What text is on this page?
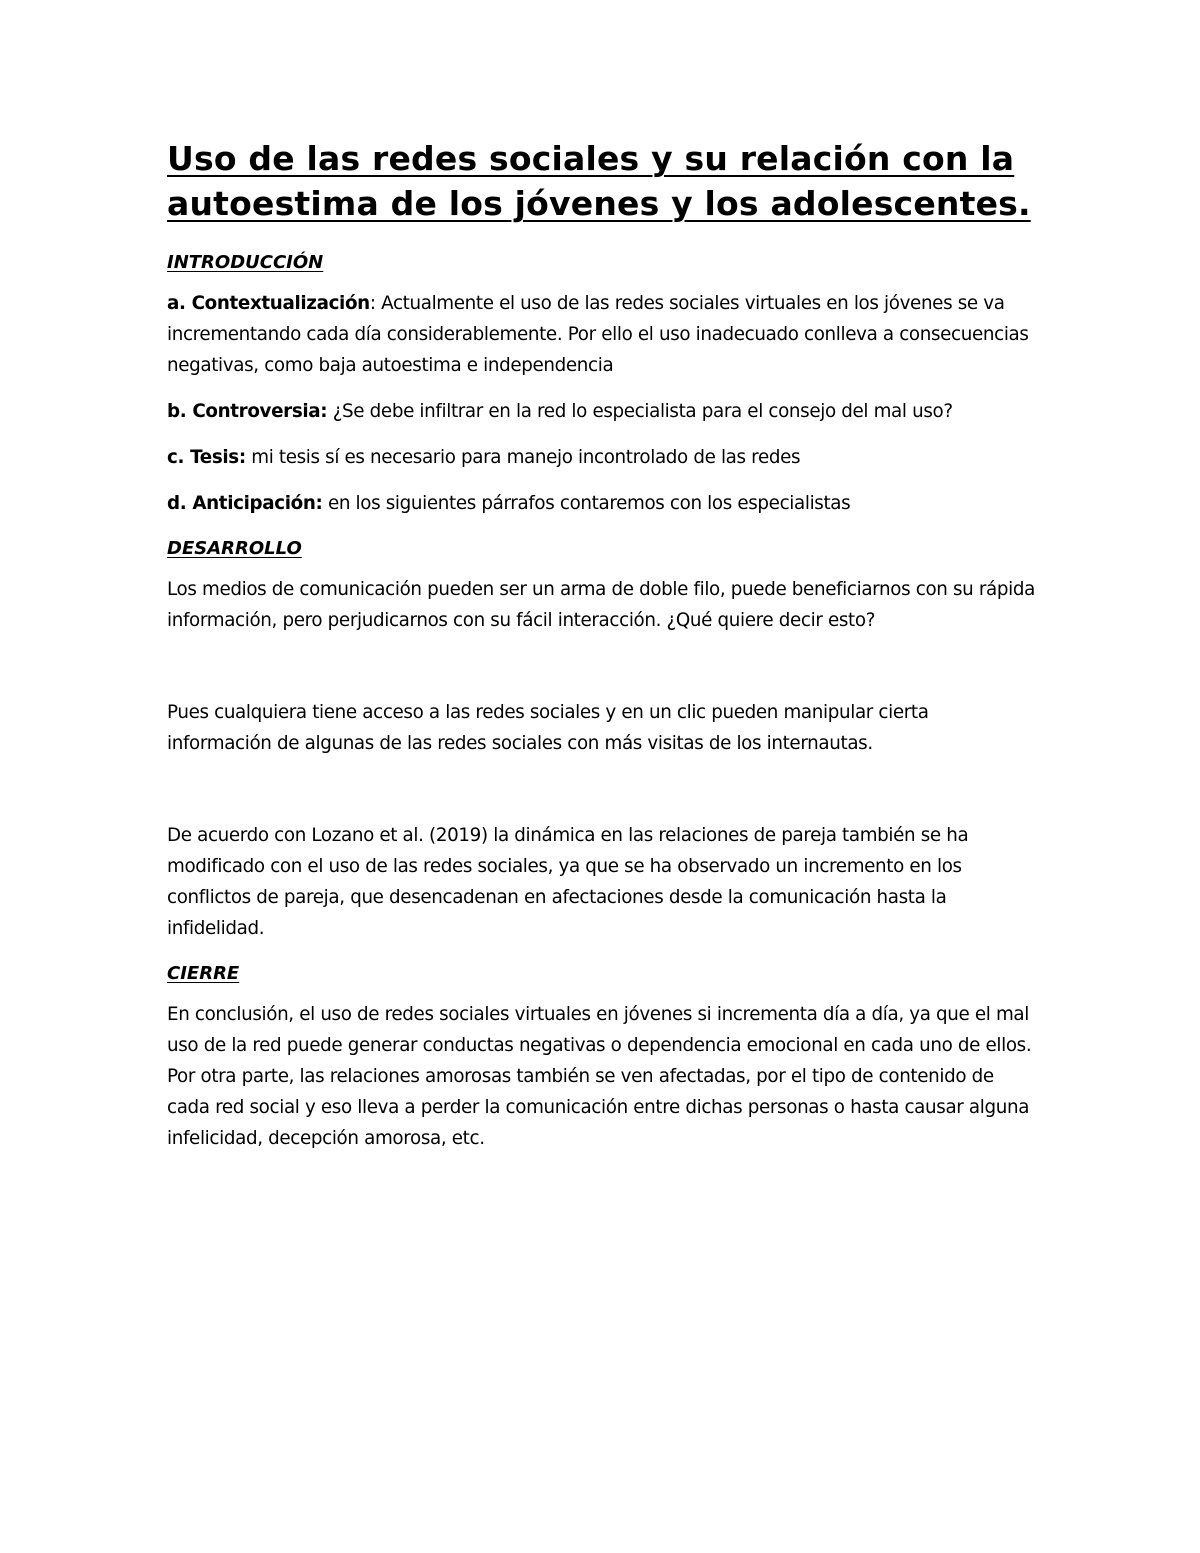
Uso de las redes sociales y su relación con la autoestima de los jóvenes y los adolescentes.
INTRODUCCIÓN

a. Contextualización: Actualmente el uso de las redes sociales virtuales en los jóvenes se va incrementando cada día considerablemente. Por ello el uso inadecuado conlleva a consecuencias negativas, como baja autoestima e independencia

b. Controversia: ¿Se debe infiltrar en la red lo especialista para el consejo del mal uso?

c. Tesis: mi tesis sí es necesario para manejo incontrolado de las redes

d. Anticipación: en los siguientes párrafos contaremos con los especialistas

DESARROLLO

Los medios de comunicación pueden ser un arma de doble filo, puede beneficiarnos con su rápida información, pero perjudicarnos con su fácil interacción. ¿Qué quiere decir esto?

Pues cualquiera tiene acceso a las redes sociales y en un clic pueden manipular cierta información de algunas de las redes sociales con más visitas de los internautas.

De acuerdo con Lozano et al. (2019) la dinámica en las relaciones de pareja también se ha modificado con el uso de las redes sociales, ya que se ha observado un incremento en los conflictos de pareja, que desencadenan en afectaciones desde la comunicación hasta la infidelidad.

CIERRE

En conclusión, el uso de redes sociales virtuales en jóvenes si incrementa día a día, ya que el mal uso de la red puede generar conductas negativas o dependencia emocional en cada uno de ellos. Por otra parte, las relaciones amorosas también se ven afectadas, por el tipo de contenido de cada red social y eso lleva a perder la comunicación entre dichas personas o hasta causar alguna infelicidad, decepción amorosa, etc.
